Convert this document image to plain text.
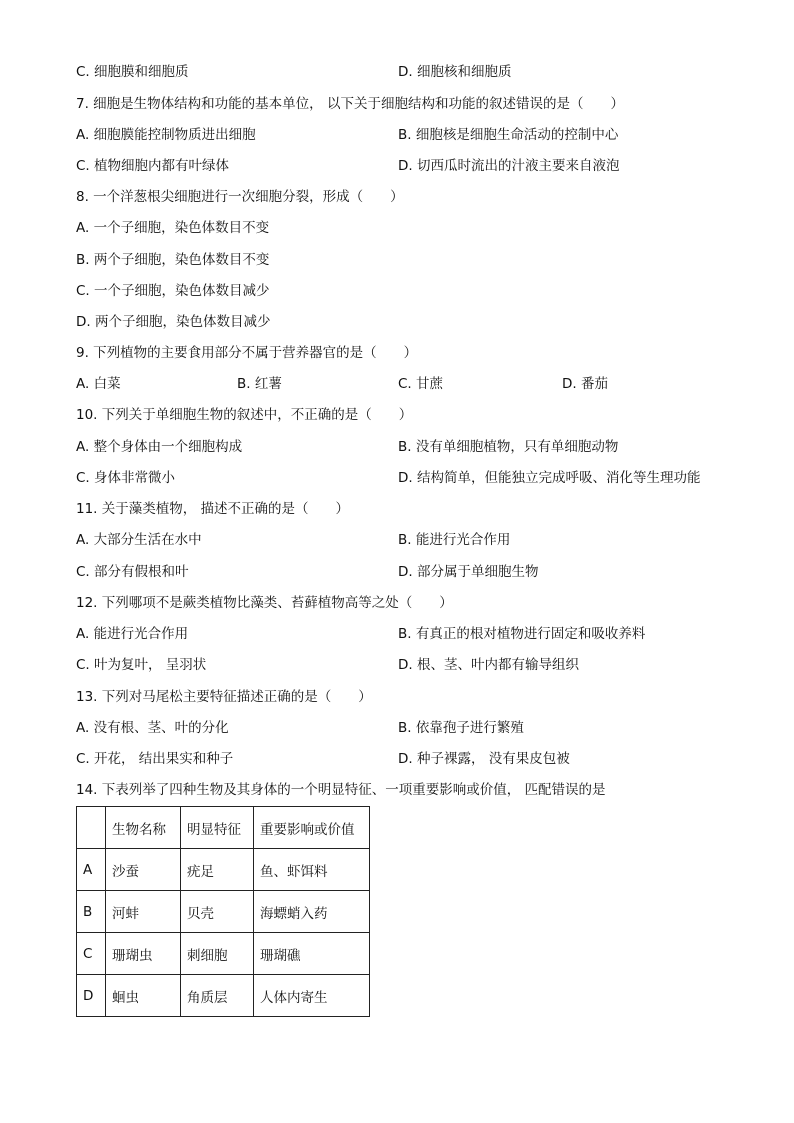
C. 细胞膜和细胞质	D. 细胞核和细胞质
7. 细胞是生物体结构和功能的基本单位， 以下关于细胞结构和功能的叙述错误的是（　　）
A. 细胞膜能控制物质进出细胞	B. 细胞核是细胞生命活动的控制中心
C. 植物细胞内都有叶绿体	D. 切西瓜时流出的汁液主要来自液泡
8. 一个洋葱根尖细胞进行一次细胞分裂，形成（　　）
A. 一个子细胞，染色体数目不变
B. 两个子细胞，染色体数目不变
C. 一个子细胞，染色体数目减少
D. 两个子细胞，染色体数目减少
9. 下列植物的主要食用部分不属于营养器官的是（　　）
A. 白菜	B. 红薯	C. 甘蔗	D. 番茄
10. 下列关于单细胞生物的叙述中，不正确的是（　　）
A. 整个身体由一个细胞构成	B. 没有单细胞植物，只有单细胞动物
C. 身体非常微小	D. 结构简单，但能独立完成呼吸、消化等生理功能
11. 关于藻类植物， 描述不正确的是（　　）
A. 大部分生活在水中	B. 能进行光合作用
C. 部分有假根和叶	D. 部分属于单细胞生物
12. 下列哪项不是蕨类植物比藻类、苔藓植物高等之处（　　）
A. 能进行光合作用	B. 有真正的根对植物进行固定和吸收养料
C. 叶为复叶， 呈羽状	D. 根、茎、叶内都有输导组织
13. 下列对马尾松主要特征描述正确的是（　　）
A. 没有根、茎、叶的分化	B. 依靠孢子进行繁殖
C. 开花， 结出果实和种子	D. 种子裸露， 没有果皮包被
14. 下表列举了四种生物及其身体的一个明显特征、一项重要影响或价值， 匹配错误的是
	生物名称	明显特征	重要影响或价值
A	沙蚕	疣足	鱼、虾饵料
B	河蚌	贝壳	海螵蛸入药
C	珊瑚虫	刺细胞	珊瑚礁
D	蛔虫	角质层	人体内寄生
